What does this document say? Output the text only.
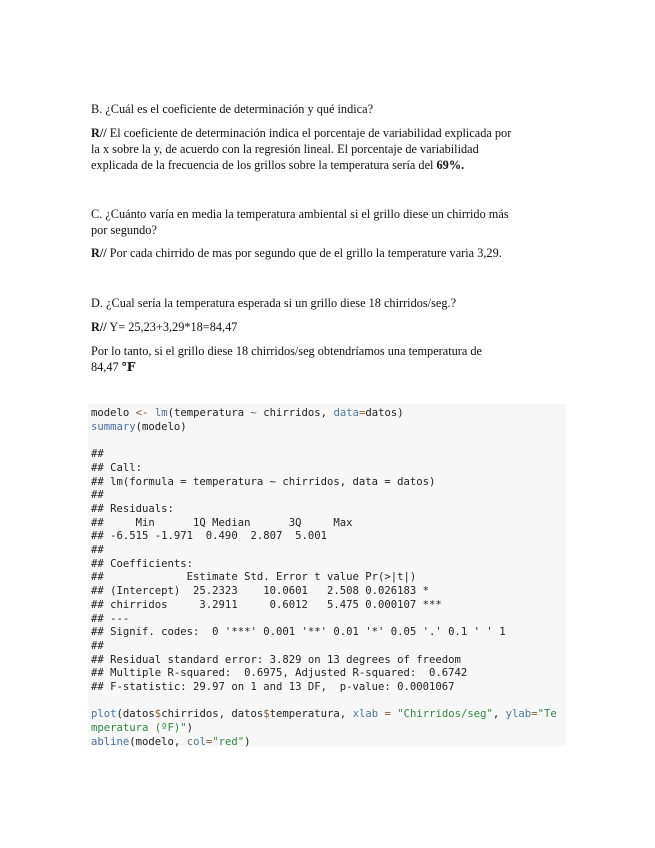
B. ¿Cuál es el coeficiente de determinación y qué indica?

R// El coeficiente de determinación indica el porcentaje de variabilidad explicada por
la x sobre la y, de acuerdo con la regresión lineal. El porcentaje de variabilidad
explicada de la frecuencia de los grillos sobre la temperatura sería del 69%.

C. ¿Cuánto varía en media la temperatura ambiental si el grillo diese un chirrido más
por segundo?

R// Por cada chirrido de mas por segundo que de el grillo la temperature varia 3,29.

D. ¿Cual sería la temperatura esperada si un grillo diese 18 chirridos/seg.?

R// Y= 25,23+3,29*18=84,47

Por lo tanto, si el grillo diese 18 chirridos/seg obtendríamos una temperatura de
84,47 ℉

modelo <- lm(temperatura ~ chirridos, data=datos)
summary(modelo)
##
## Call:
## lm(formula = temperatura ~ chirridos, data = datos)
##
## Residuals:
##     Min      1Q Median      3Q     Max
## -6.515 -1.971  0.490  2.807  5.001
##
## Coefficients:
##             Estimate Std. Error t value Pr(>|t|)
## (Intercept)  25.2323    10.0601   2.508 0.026183 *
## chirridos     3.2911     0.6012   5.475 0.000107 ***
## ---
## Signif. codes:  0 '***' 0.001 '**' 0.01 '*' 0.05 '.' 0.1 ' ' 1
##
## Residual standard error: 3.829 on 13 degrees of freedom
## Multiple R-squared:  0.6975, Adjusted R-squared:  0.6742
## F-statistic: 29.97 on 1 and 13 DF,  p-value: 0.0001067
plot(datos$chirridos, datos$temperatura, xlab = "Chirridos/seg", ylab="Te
mperatura (ºF)")
abline(modelo, col="red")
